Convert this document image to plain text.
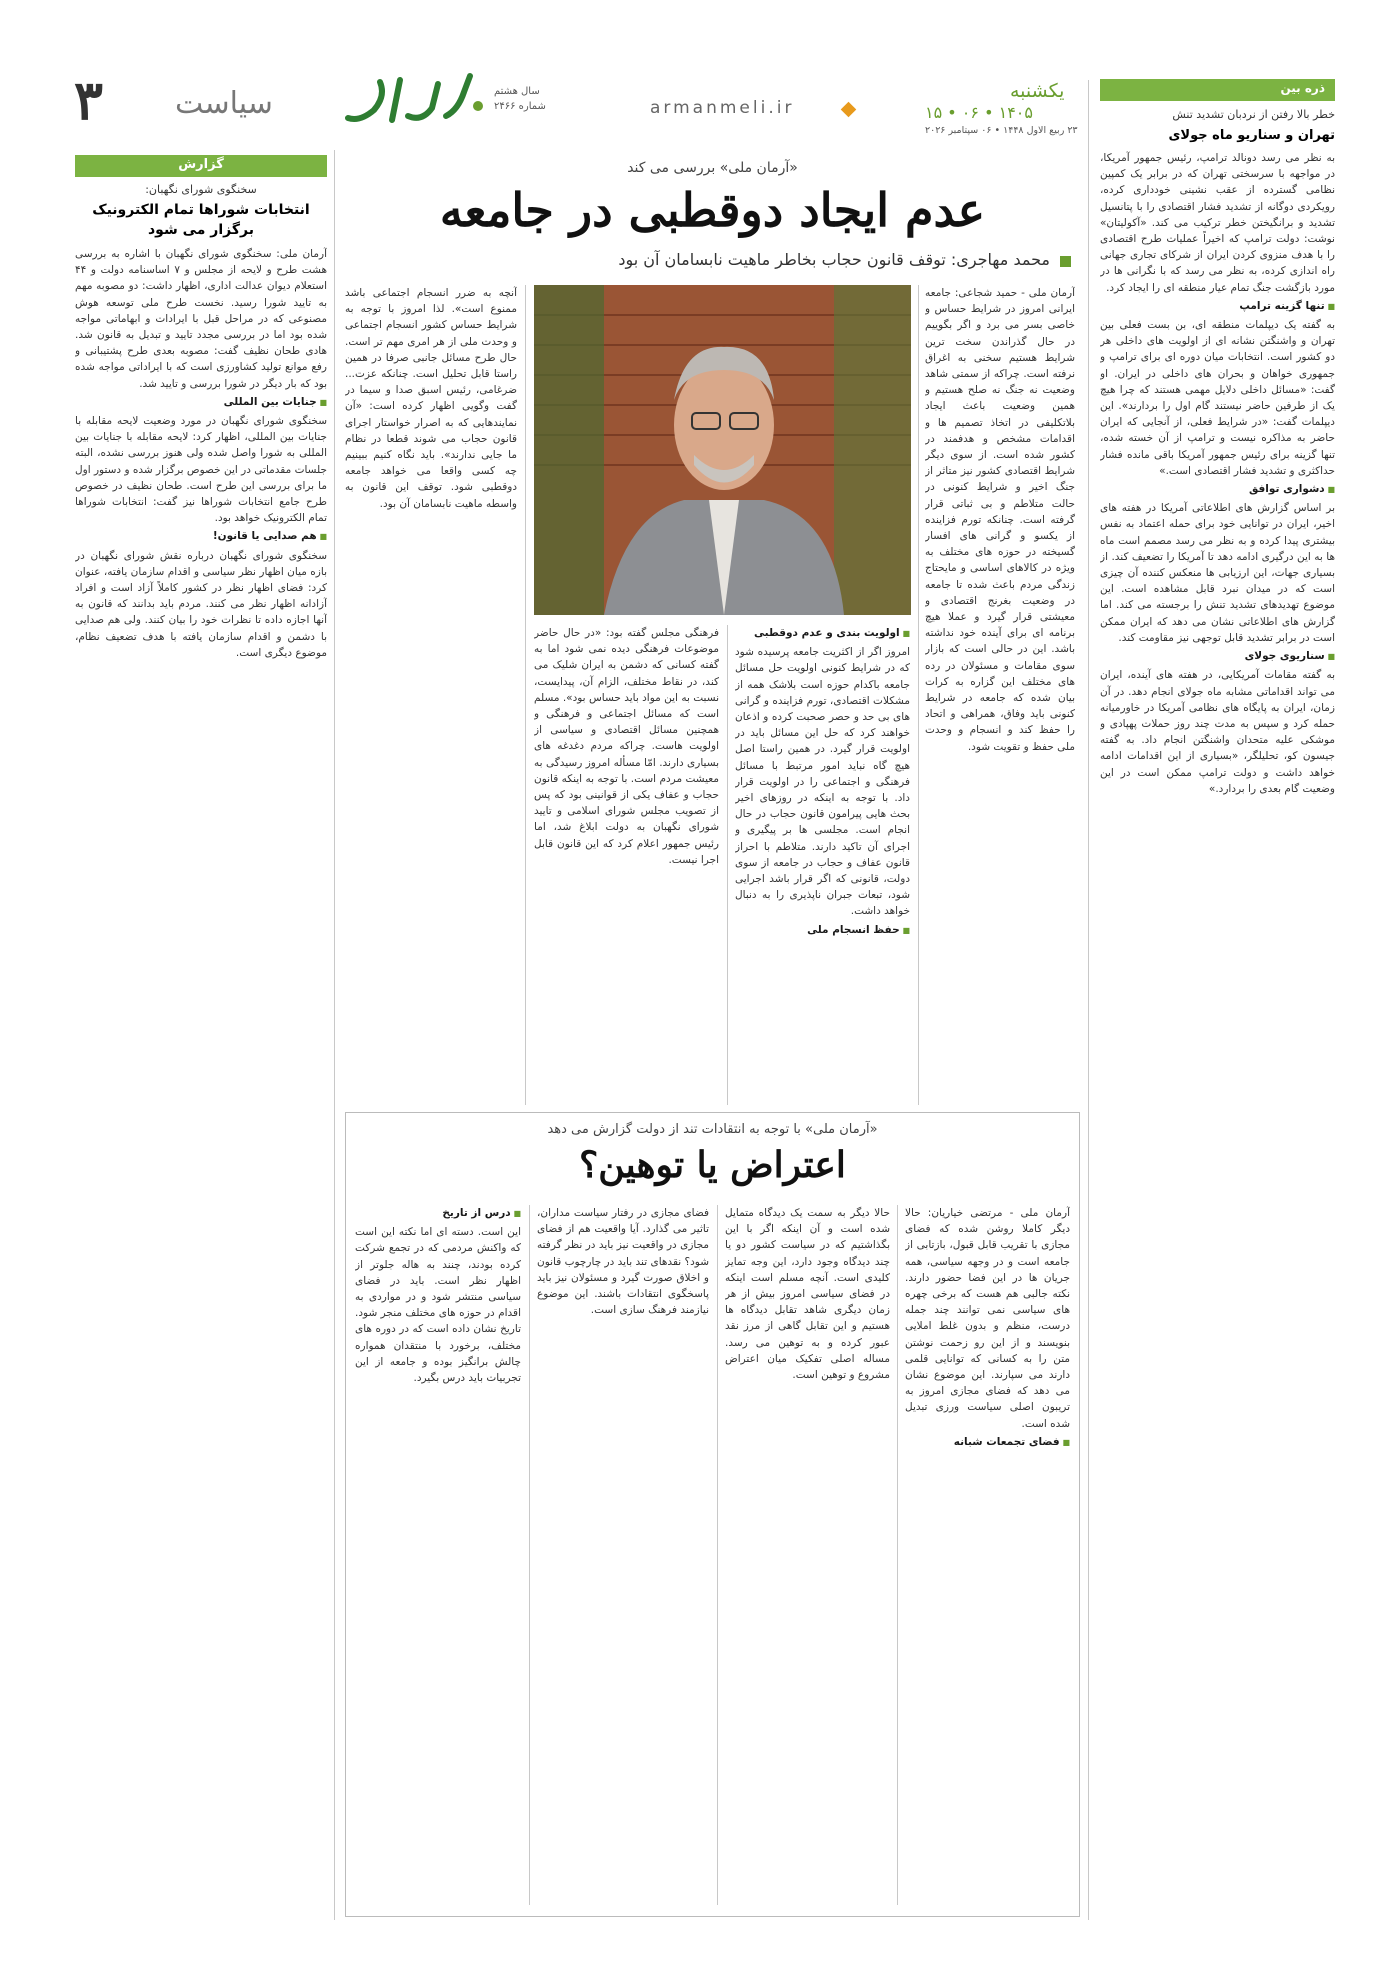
۳ سیاست	سال هشتم
شماره ۲۴۶۶	armanmeli.ir
یکشنبه
۱۵ • ۰۶ • ۱۴۰۵
۲۳ ربیع الاول ۱۴۴۸ • ۰۶ سپتامبر ۲۰۲۶
ذره بین
خطر بالا رفتن از نردبان تشدید تنش
تهران و سناریو ماه جولای

به نظر می رسد دونالد ترامپ، رئیس جمهور آمریکا، در مواجهه با سرسختی تهران که در برابر یک کمپین نظامی گسترده از عقب نشینی خودداری کرده، رویکردی دوگانه از تشدید فشار اقتصادی را با پتانسیل تشدید و برانگیختن خطر ترکیب می کند. «آکولیتان» نوشت: دولت ترامپ که اخیراً عملیات طرح اقتصادی را با هدف منزوی کردن ایران از شرکای تجاری جهانی راه اندازی کرده، به نظر می رسد که با نگرانی ها در مورد بازگشت جنگ تمام عیار منطقه ای را ایجاد کرد.

■ تنها گزینه ترامپ

به گفته یک دیپلمات منطقه ای، بن بست فعلی بین تهران و واشنگتن نشانه ای از اولویت های داخلی هر دو کشور است. انتخابات میان دوره ای برای ترامپ و جمهوری خواهان و بحران های داخلی در ایران. او گفت: «مسائل داخلی دلایل مهمی هستند که چرا هیچ یک از طرفین حاضر نیستند گام اول را بردارند». این دیپلمات گفت: «در شرایط فعلی، از آنجایی که ایران حاضر به مذاکره نیست و ترامپ از آن خسته شده، تنها گزینه برای رئیس جمهور آمریکا باقی مانده فشار حداکثری و تشدید فشار اقتصادی است.»

■ دشواری توافق

بر اساس گزارش های اطلاعاتی آمریکا در هفته های اخیر، ایران در توانایی خود برای حمله اعتماد به نفس بیشتری پیدا کرده و به نظر می رسد مصمم است ماه ها به این درگیری ادامه دهد تا آمریکا را تضعیف کند. از بسیاری جهات، این ارزیابی ها منعکس کننده آن چیزی است که در میدان نبرد قابل مشاهده است. این موضوع تهدیدهای تشدید تنش را برجسته می کند. اما گزارش های اطلاعاتی نشان می دهد که ایران ممکن است در برابر تشدید قابل توجهی نیز مقاومت کند.

■ سناریوی جولای

به گفته مقامات آمریکایی، در هفته های آینده، ایران می تواند اقداماتی مشابه ماه جولای انجام دهد. در آن زمان، ایران به پایگاه های نظامی آمریکا در خاورمیانه حمله کرد و سپس به مدت چند روز حملات پهپادی و موشکی علیه متحدان واشنگتن انجام داد. به گفته جیسون کو، تحلیلگر، «بسیاری از این اقدامات ادامه خواهد داشت و دولت ترامپ ممکن است در این وضعیت گام بعدی را بردارد.»

«آرمان ملی» بررسی می کند
عدم ایجاد دوقطبی در جامعه
محمد مهاجری: توقف قانون حجاب بخاطر ماهیت نابسامان آن بود

آرمان ملی - حمید شجاعی: جامعه ایرانی امروز در شرایط حساس و خاصی بسر می برد و اگر بگوییم در حال گذراندن سخت ترین شرایط هستیم سخنی به اغراق نرفته است. چراکه از سمتی شاهد وضعیت نه جنگ نه صلح هستیم و همین وضعیت باعث ایجاد بلاتکلیفی در اتخاذ تصمیم ها و اقدامات مشخص و هدفمند در کشور شده است. از سوی دیگر شرایط اقتصادی کشور نیز متاثر از جنگ اخیر و شرایط کنونی در حالت متلاطم و بی ثباتی قرار گرفته است. چنانکه تورم فزاینده از یکسو و گرانی های افسار گسیخته در حوزه های مختلف به ویژه در کالاهای اساسی و مایحتاج زندگی مردم باعث شده تا جامعه در وضعیت بغرنج اقتصادی و معیشتی قرار گیرد و عملا هیچ برنامه ای برای آینده خود نداشته باشد. این در حالی است که بازار سوی مقامات و مسئولان در رده های مختلف این گزاره به کرات بیان شده که جامعه در شرایط کنونی باید وفاق، همراهی و اتحاد را حفظ کند و انسجام و وحدت ملی حفظ و تقویت شود.

■ اولویت بندی و عدم دوقطبی

امروز اگر از اکثریت جامعه پرسیده شود که در شرایط کنونی اولویت حل مسائل جامعه باکدام حوزه است بلاشک همه از مشکلات اقتصادی، تورم فزاینده و گرانی های بی حد و حصر صحبت کرده و اذعان خواهند کرد که حل این مسائل باید در اولویت قرار گیرد. در همین راستا اصل هیچ گاه نباید امور مرتبط با مسائل فرهنگی و اجتماعی را در اولویت قرار داد. با توجه به اینکه در روزهای اخیر بحث هایی پیرامون قانون حجاب در حال انجام است. مجلسی ها بر پیگیری و اجرای آن تاکید دارند. متلاطم با احراز قانون عفاف و حجاب در جامعه از سوی دولت، قانونی که اگر قرار باشد اجرایی شود، تبعات جبران ناپذیری را به دنبال خواهد داشت.

■ حفظ انسجام ملی

فرهنگی مجلس گفته بود: «در حال حاضر موضوعات فرهنگی دیده نمی شود اما به گفته کسانی که دشمن به ایران شلیک می کند، در نقاط مختلف، الزام آن، پیدایست، نسبت به این مواد باید حساس بود». مسلم است که مسائل اجتماعی و فرهنگی و همچنین مسائل اقتصادی و سیاسی از اولویت هاست. چراکه مردم دغدغه های بسیاری دارند. امّا مسأله امروز رسیدگی به معیشت مردم است. با توجه به اینکه قانون حجاب و عفاف یکی از قوانینی بود که پس از تصویب مجلس شورای اسلامی و تایید شورای نگهبان به دولت ابلاغ شد، اما رئیس جمهور اعلام کرد که این قانون قابل اجرا نیست.

آنچه به ضرر انسجام اجتماعی باشد ممنوع است». لذا امروز با توجه به شرایط حساس کشور انسجام اجتماعی و وحدت ملی از هر امری مهم تر است. حال طرح مسائل جانبی صرفا در همین راستا قابل تحلیل است. چنانکه عزت... ضرغامی، رئیس اسبق صدا و سیما در گفت وگویی اظهار کرده است: «آن نمایندهایی که به اصرار خواستار اجرای قانون حجاب می شوند قطعا در نظام ما جایی ندارند». باید نگاه کنیم ببینیم چه کسی واقعا می خواهد جامعه دوقطبی شود. توقف این قانون به واسطه ماهیت نابسامان آن بود.

«آرمان ملی» با توجه به انتقادات تند از دولت گزارش می دهد
اعتراض یا توهین؟

آرمان ملی - مرتضی خیاریان: حالا دیگر کاملا روشن شده که فضای مجازی با تقریب قابل قبول، بازتابی از جامعه است و در وجهه سیاسی، همه جریان ها در این فضا حضور دارند. نکته جالبی هم هست که برخی چهره های سیاسی نمی توانند چند جمله درست، منظم و بدون غلط املایی بنویسند و از این رو زحمت نوشتن متن را به کسانی که توانایی قلمی دارند می سپارند. این موضوع نشان می دهد که فضای مجازی امروز به تریبون اصلی سیاست ورزی تبدیل شده است.

■ فضای تجمعات شبانه

حالا دیگر به سمت یک دیدگاه متمایل شده است و آن اینکه اگر با این بگذاشتیم که در سیاست کشور دو یا چند دیدگاه وجود دارد، این وجه تمایز کلیدی است. آنچه مسلم است اینکه در فضای سیاسی امروز بیش از هر زمان دیگری شاهد تقابل دیدگاه ها هستیم و این تقابل گاهی از مرز نقد عبور کرده و به توهین می رسد. مساله اصلی تفکیک میان اعتراض مشروع و توهین است.

فضای مجازی در رفتار سیاست مداران، تاثیر می گذارد. آیا واقعیت هم از فضای مجازی در واقعیت نیز باید در نظر گرفته شود؟ نقدهای تند باید در چارچوب قانون و اخلاق صورت گیرد و مسئولان نیز باید پاسخگوی انتقادات باشند. این موضوع نیازمند فرهنگ سازی است.

■ درس از تاریخ

این است. دسته ای اما نکته این است که واکنش مردمی که در تجمع شرکت کرده بودند، چنند به هاله جلوتر از اظهار نظر است. باید در فضای سیاسی منتشر شود و در مواردی به اقدام در حوزه های مختلف منجر شود. تاریخ نشان داده است که در دوره های مختلف، برخورد با منتقدان همواره چالش برانگیز بوده و جامعه از این تجربیات باید درس بگیرد.

گزارش
سخنگوی شورای نگهبان:
انتخابات شوراها تمام الکترونیک برگزار می شود

آرمان ملی: سخنگوی شورای نگهبان با اشاره به بررسی هشت طرح و لایحه از مجلس و ۷ اساسنامه دولت و ۴۴ استعلام دیوان عدالت اداری، اظهار داشت: دو مصوبه مهم به تایید شورا رسید. نخست طرح ملی توسعه هوش مصنوعی که در مراحل قبل با ایرادات و ابهاماتی مواجه شده بود اما در بررسی مجدد تایید و تبدیل به قانون شد. هادی طحان نظیف گفت: مصوبه بعدی طرح پشتیبانی و رفع موانع تولید کشاورزی است که با ایراداتی مواجه شده بود که بار دیگر در شورا بررسی و تایید شد.

■ جنایات بین المللی

سخنگوی شورای نگهبان در مورد وضعیت لایحه مقابله با جنایات بین المللی، اظهار کرد: لایحه مقابله با جنایات بین المللی به شورا واصل شده ولی هنوز بررسی نشده، البته جلسات مقدماتی در این خصوص برگزار شده و دستور اول ما برای بررسی این طرح است. طحان نظیف در خصوص طرح جامع انتخابات شوراها نیز گفت: انتخابات شوراها تمام الکترونیک خواهد بود.

■ هم صدایی یا قانون!

سخنگوی شورای نگهبان درباره نقش شورای نگهبان در بازه میان اظهار نظر سیاسی و اقدام سازمان یافته، عنوان کرد: فضای اظهار نظر در کشور کاملاً آزاد است و افراد آزادانه اظهار نظر می کنند. مردم باید بدانند که قانون به آنها اجازه داده تا نظرات خود را بیان کنند. ولی هم صدایی با دشمن و اقدام سازمان یافته با هدف تضعیف نظام، موضوع دیگری است.
